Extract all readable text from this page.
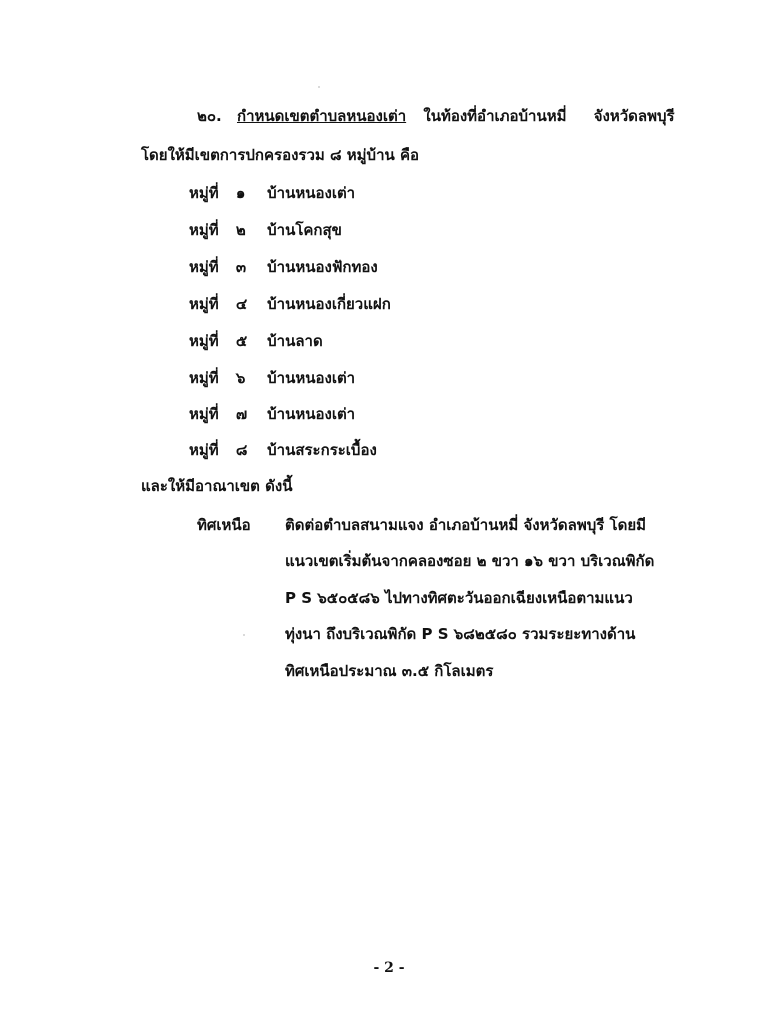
๒๐. กำหนดเขตตำบลหนองเต่า ในท้องที่อำเภอบ้านหมี่ จังหวัดลพบุรี
โดยให้มีเขตการปกครองรวม ๘ หมู่บ้าน คือ
หมู่ที่ ๑ บ้านหนองเต่า
หมู่ที่ ๒ บ้านโคกสุข
หมู่ที่ ๓ บ้านหนองฟักทอง
หมู่ที่ ๔ บ้านหนองเกี่ยวแฝก
หมู่ที่ ๕ บ้านลาด
หมู่ที่ ๖ บ้านหนองเต่า
หมู่ที่ ๗ บ้านหนองเต่า
หมู่ที่ ๘ บ้านสระกระเบื้อง
และให้มีอาณาเขต ดังนี้
ทิศเหนือ ติดต่อตำบลสนามแจง อำเภอบ้านหมี่ จังหวัดลพบุรี โดยมี
แนวเขตเริ่มต้นจากคลองซอย ๒ ขวา ๑๖ ขวา บริเวณพิกัด
P S ๖๕๐๕๘๖ ไปทางทิศตะวันออกเฉียงเหนือตามแนว
ทุ่งนา ถึงบริเวณพิกัด P S ๖๘๒๕๘๐ รวมระยะทางด้าน
ทิศเหนือประมาณ ๓.๕ กิโลเมตร
- 2 -
